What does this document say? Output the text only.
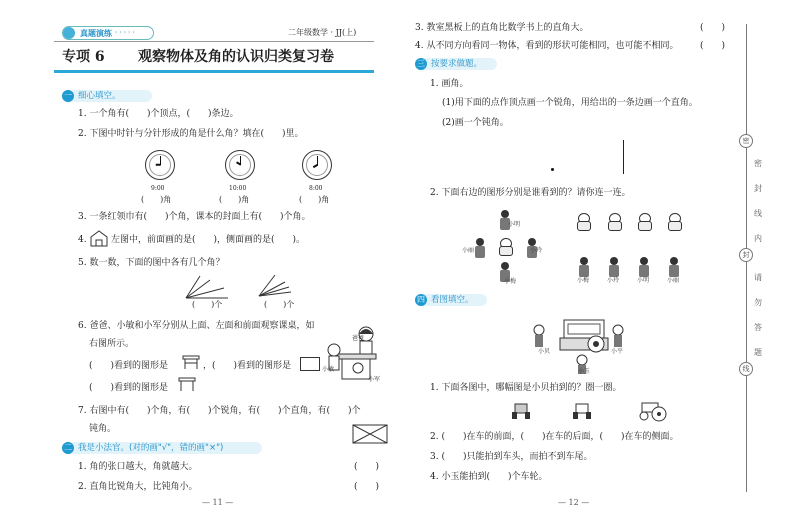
真题演练 › › › › ›	二年级数学 · JJ(上)
专项 6 观察物体及角的认识归类复习卷
一 细心填空。
1. 一个角有(　　)个顶点，(　　)条边。
2. 下图中时针与分针形成的角是什么角？填在(　　)里。
9:00	10:00	8:00
(　　)角	(　　)角	(　　)角
3. 一条红领巾有(　　)个角，课本的封面上有(　　)个角。
4.	左图中，前面画的是(　　)，侧面画的是(　　)。
5. 数一数，下面的图中各有几个角？
(　　)个	(　　)个
6. 爸爸、小敏和小军分别从上面、左面和前面观察课桌，如
右图所示。
(　　)看到的图形是	，(　　)看到的图形是
(　　)看到的图形是
爸爸
小敏
小军
7. 右图中有(　　)个角，有(　　)个锐角，有(　　)个直角，有(　　)个
钝角。
二 我是小法官。(对的画"√"，错的画"×")
1. 角的张口越大，角就越大。	(　　)
2. 直角比锐角大，比钝角小。	(　　)
— 11 —
3. 教室黑板上的直角比数学书上的直角大。	(　　)
4. 从不同方向看同一物体，看到的形状可能相同，也可能不相同。 (　　)
三 按要求做题。
1. 画角。
(1)用下面的点作顶点画一个锐角，用给出的一条边画一个直角。
(2)画一个钝角。
2. 下面右边的图形分别是谁看到的？请你连一连。
小明
小丽	小玲
小梅	小梅	小玲	小明	小丽
四 看图填空。
小贝	小平
小玉
1. 下面各图中，哪幅图是小贝拍到的？圈一圈。
2. (　　)在车的前面，(　　)在车的后面，(　　)在车的侧面。
3. (　　)只能拍到车头，而拍不到车尾。
4. 小玉能拍到(　　)个车轮。
— 12 —
密
封
线
密
封
线
内
请
勿
答
题
